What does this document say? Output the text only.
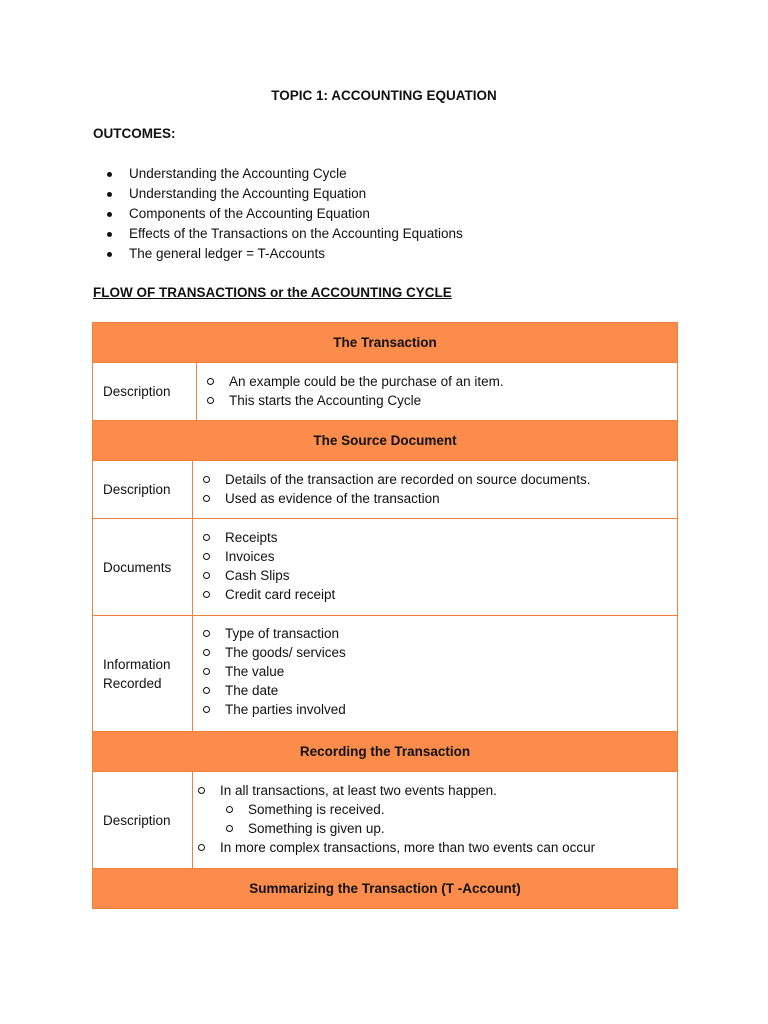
TOPIC 1: ACCOUNTING EQUATION
OUTCOMES:
Understanding the Accounting Cycle
Understanding the Accounting Equation
Components of the Accounting Equation
Effects of the Transactions on the Accounting Equations
The general ledger = T-Accounts
FLOW OF TRANSACTIONS or the ACCOUNTING CYCLE
The Transaction
Description
An example could be the purchase of an item.
This starts the Accounting Cycle
The Source Document
Description
Details of the transaction are recorded on source documents.
Used as evidence of the transaction
Documents
Receipts
Invoices
Cash Slips
Credit card receipt
Information
Recorded
Type of transaction
The goods/ services
The value
The date
The parties involved
Recording the Transaction
Description
In all transactions, at least two events happen.
Something is received.
Something is given up.
In more complex transactions, more than two events can occur
Summarizing the Transaction (T -Account)
